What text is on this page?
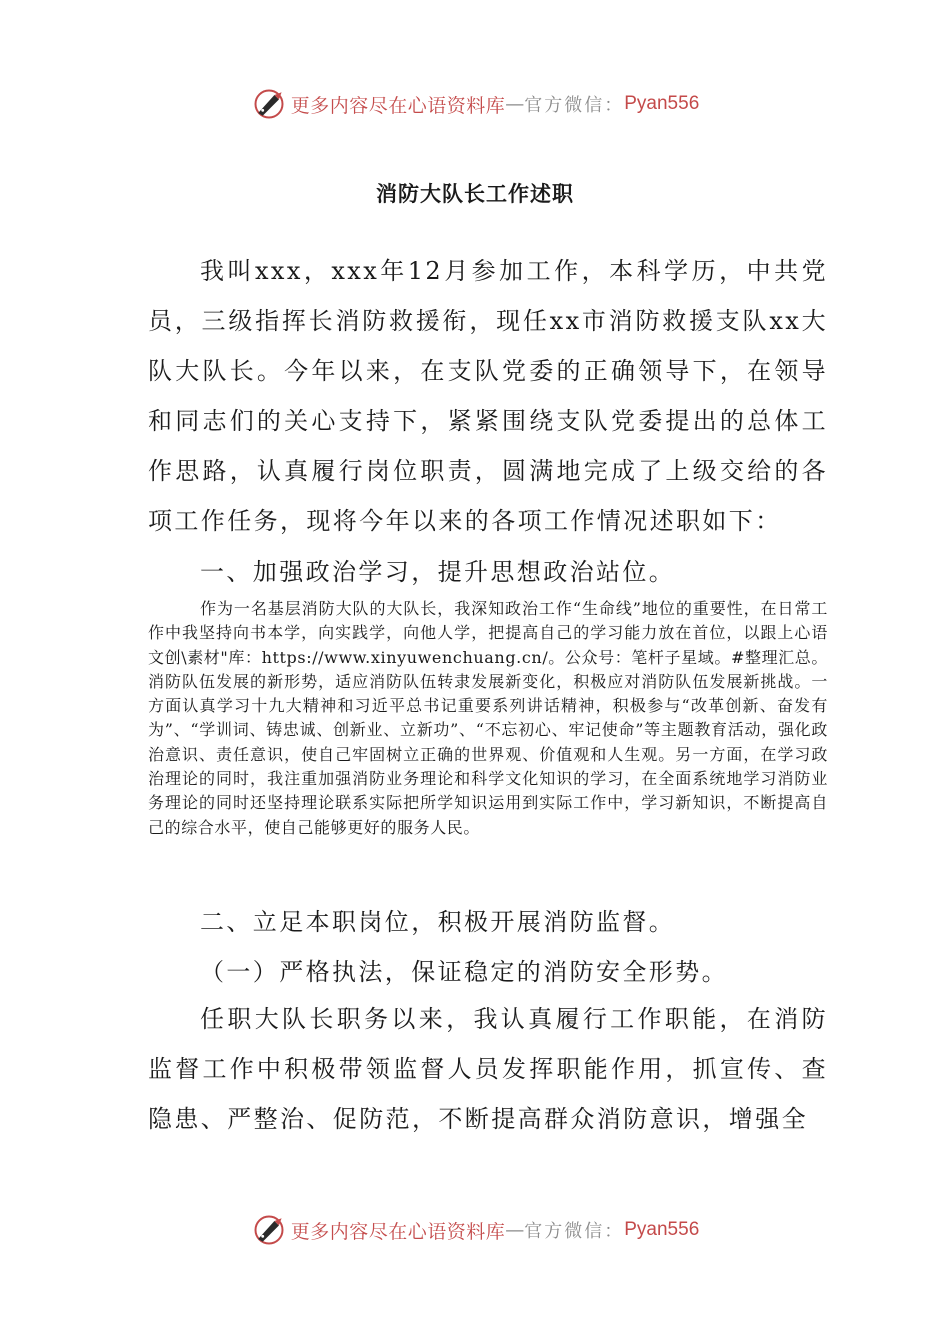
更多内容尽在心语资料库 — 官方微信： Pyan556
消防大队长工作述职

我叫xxx，xxx年12月参加工作，本科学历，中共党员，三级指挥长消防救援衔，现任xx市消防救援支队xx大队大队长。今年以来，在支队党委的正确领导下，在领导和同志们的关心支持下，紧紧围绕支队党委提出的总体工作思路，认真履行岗位职责，圆满地完成了上级交给的各项工作任务，现将今年以来的各项工作情况述职如下：

一、加强政治学习，提升思想政治站位。

作为一名基层消防大队的大队长，我深知政治工作“生命线”地位的重要性，在日常工作中我坚持向书本学，向实践学，向他人学，把提高自己的学习能力放在首位，以跟上心语文创\素材"库：https://www.xinyuwenchuang.cn/。公众号：笔杆子星域。#整理汇总。消防队伍发展的新形势，适应消防队伍转隶发展新变化，积极应对消防队伍发展新挑战。一方面认真学习十九大精神和习近平总书记重要系列讲话精神，积极参与“改革创新、奋发有为”、“学训词、铸忠诚、创新业、立新功”、“不忘初心、牢记使命”等主题教育活动，强化政治意识、责任意识，使自己牢固树立正确的世界观、价值观和人生观。另一方面，在学习政治理论的同时，我注重加强消防业务理论和科学文化知识的学习，在全面系统地学习消防业务理论的同时还坚持理论联系实际把所学知识运用到实际工作中，学习新知识，不断提高自己的综合水平，使自己能够更好的服务人民。

二、立足本职岗位，积极开展消防监督。

（一）严格执法，保证稳定的消防安全形势。

任职大队长职务以来，我认真履行工作职能，在消防监督工作中积极带领监督人员发挥职能作用，抓宣传、查隐患、严整治、促防范，不断提高群众消防意识，增强全

更多内容尽在心语资料库 — 官方微信： Pyan556
